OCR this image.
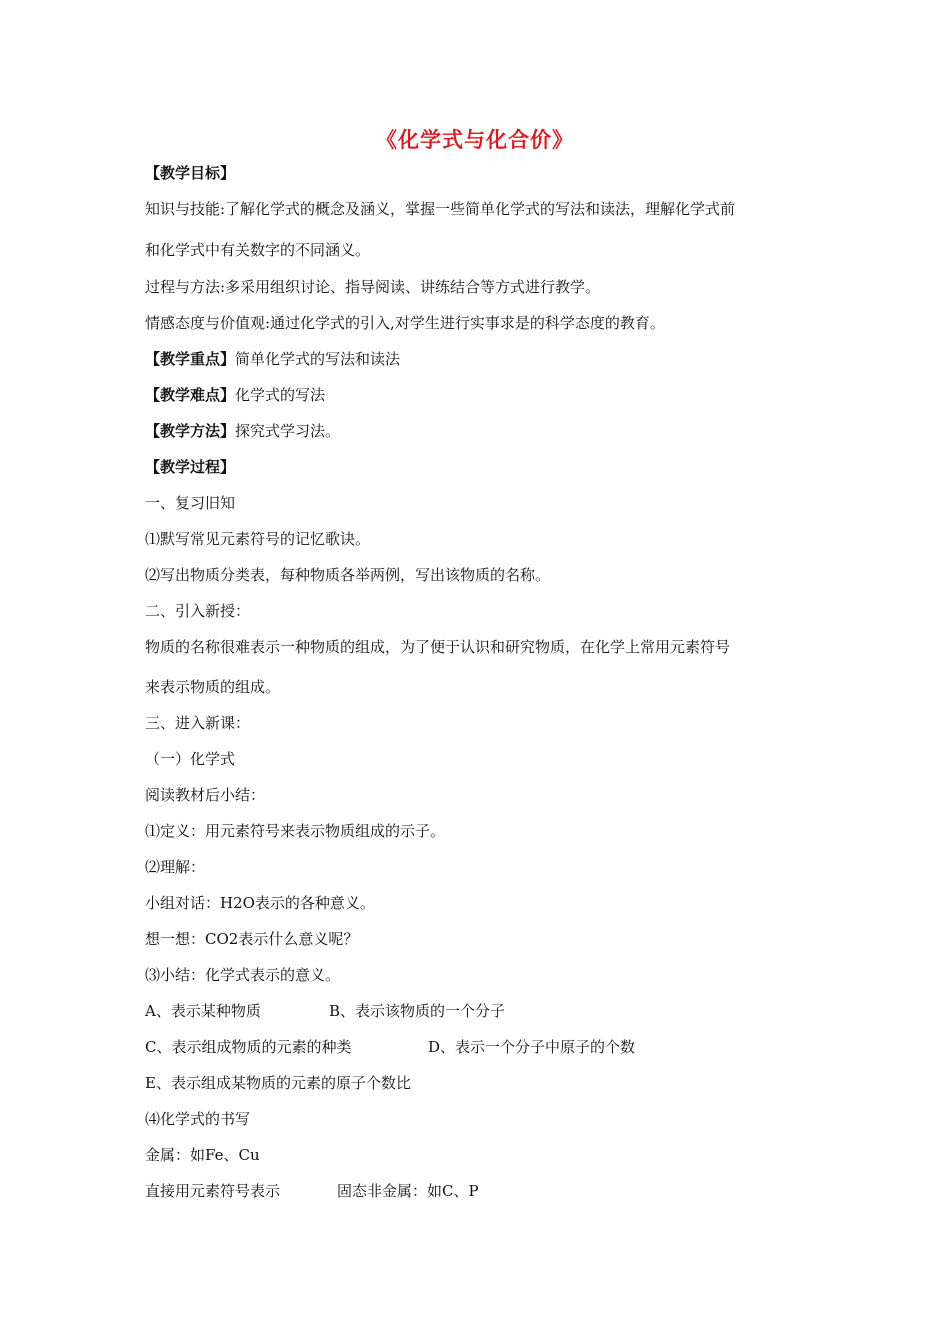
《化学式与化合价》
【教学目标】
知识与技能:了解化学式的概念及涵义，掌握一些简单化学式的写法和读法，理解化学式前
和化学式中有关数字的不同涵义。
过程与方法:多采用组织讨论、指导阅读、讲练结合等方式进行教学。
情感态度与价值观:通过化学式的引入,对学生进行实事求是的科学态度的教育。
【教学重点】简单化学式的写法和读法
【教学难点】化学式的写法
【教学方法】探究式学习法。
【教学过程】
一、复习旧知
⑴默写常见元素符号的记忆歌诀。
⑵写出物质分类表，每种物质各举两例，写出该物质的名称。
二、引入新授：
物质的名称很难表示一种物质的组成，为了便于认识和研究物质，在化学上常用元素符号
来表示物质的组成。
三、进入新课：
（一）化学式
阅读教材后小结：
⑴定义：用元素符号来表示物质组成的示子。
⑵理解：
小组对话：H2O表示的各种意义。
想一想：CO2表示什么意义呢？
⑶小结：化学式表示的意义。
A、表示某种物质	B、表示该物质的一个分子
C、表示组成物质的元素的种类	D、表示一个分子中原子的个数
E、表示组成某物质的元素的原子个数比
⑷化学式的书写
金属：如Fe、Cu
直接用元素符号表示	固态非金属：如C、P
